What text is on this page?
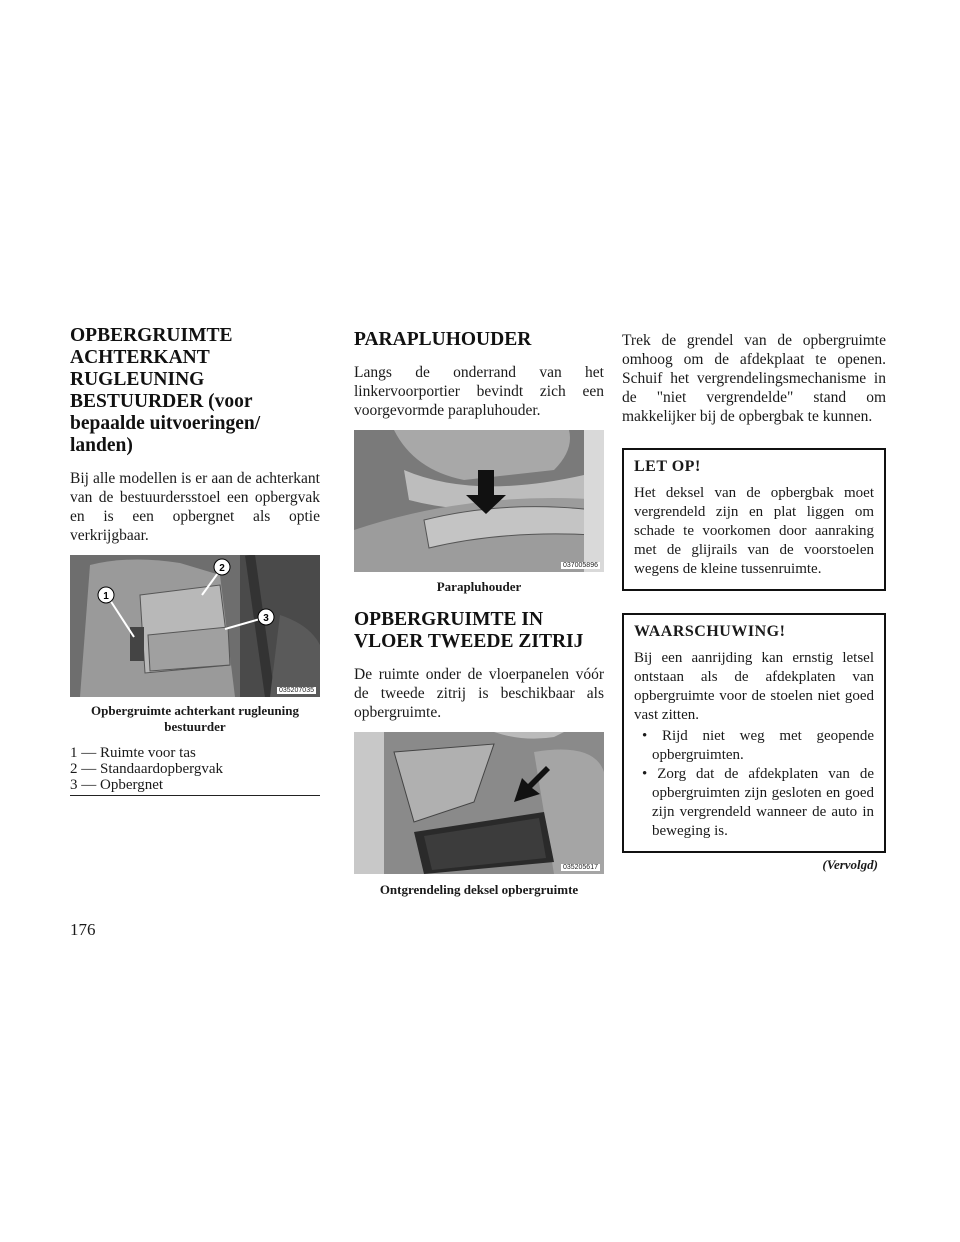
OPBERGRUIMTE
ACHTERKANT
RUGLEUNING
BESTUURDER (voor
bepaalde uitvoeringen/
landen)

Bij alle modellen is er aan de achterkant van de bestuurdersstoel een opbergvak en is een opbergnet als optie verkrijgbaar.

1
2
3
035207035
Opbergruimte achterkant rugleuning
bestuurder
1 — Ruimte voor tas
2 — Standaardopbergvak
3 — Opbergnet
PARAPLUHOUDER

Langs de onderrand van het linkervoorportier bevindt zich een voorgevormde parapluhouder.

037005896
Parapluhouder
OPBERGRUIMTE IN
VLOER TWEEDE ZITRIJ

De ruimte onder de vloerpanelen vóór de tweede zitrij is beschikbaar als opbergruimte.

035205617
Ontgrendeling deksel opbergruimte

Trek de grendel van de opbergruimte omhoog om de afdekplaat te openen. Schuif het vergrendelingsmechanisme in de "niet vergrendelde" stand om makkelijker bij de opbergbak te kunnen.

LET OP!

Het deksel van de opbergbak moet vergrendeld zijn en plat liggen om schade te voorkomen door aanraking met de glijrails van de voorstoelen wegens de kleine tussenruimte.

WAARSCHUWING!

Bij een aanrijding kan ernstig letsel ontstaan als de afdekplaten van opbergruimte voor de stoelen niet goed vast zitten.

• Rijd niet weg met geopende opbergruimten.
• Zorg dat de afdekplaten van de opbergruimten zijn gesloten en goed zijn vergrendeld wanneer de auto in beweging is.
(Vervolgd)
176
